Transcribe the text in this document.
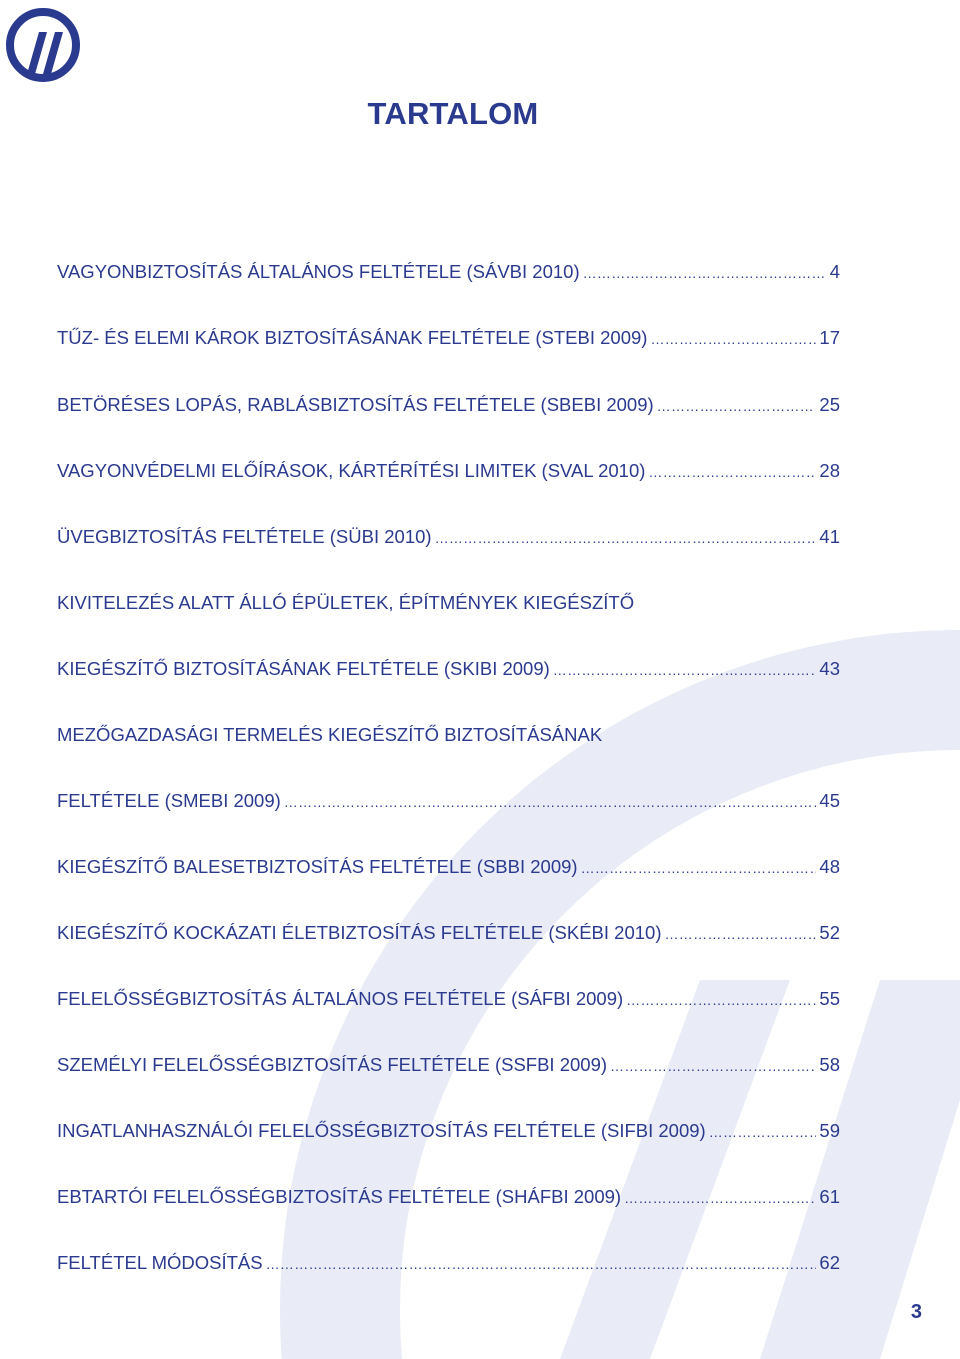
TARTALOM
VAGYONBIZTOSÍTÁS ÁLTALÁNOS FELTÉTELE (SÁVBI 2010) …………………………………………………………………………………………………………………………………………	4
TŰZ- ÉS ELEMI KÁROK BIZTOSÍTÁSÁNAK FELTÉTELE (STEBI 2009) …………………………………………………………………………………………………………………………………………	17
BETÖRÉSES LOPÁS, RABLÁSBIZTOSÍTÁS FELTÉTELE (SBEBI 2009) …………………………………………………………………………………………………………………………………………	25
VAGYONVÉDELMI ELŐÍRÁSOK, KÁRTÉRÍTÉSI LIMITEK (SVAL 2010) …………………………………………………………………………………………………………………………………………	28
ÜVEGBIZTOSÍTÁS FELTÉTELE (SÜBI 2010) …………………………………………………………………………………………………………………………………………	41
KIVITELEZÉS ALATT ÁLLÓ ÉPÜLETEK, ÉPÍTMÉNYEK KIEGÉSZÍTŐ
KIEGÉSZÍTŐ BIZTOSÍTÁSÁNAK FELTÉTELE (SKIBI 2009) …………………………………………………………………………………………………………………………………………	43
MEZŐGAZDASÁGI TERMELÉS KIEGÉSZÍTŐ BIZTOSÍTÁSÁNAK
FELTÉTELE (SMEBI 2009) …………………………………………………………………………………………………………………………………………	45
KIEGÉSZÍTŐ BALESETBIZTOSÍTÁS FELTÉTELE (SBBI 2009) …………………………………………………………………………………………………………………………………………	48
KIEGÉSZÍTŐ KOCKÁZATI ÉLETBIZTOSÍTÁS FELTÉTELE (SKÉBI 2010) …………………………………………………………………………………………………………………………………………	52
FELELŐSSÉGBIZTOSÍTÁS ÁLTALÁNOS FELTÉTELE (SÁFBI 2009) …………………………………………………………………………………………………………………………………………	55
SZEMÉLYI FELELŐSSÉGBIZTOSÍTÁS FELTÉTELE (SSFBI 2009) …………………………………………………………………………………………………………………………………………	58
INGATLANHASZNÁLÓI FELELŐSSÉGBIZTOSÍTÁS FELTÉTELE (SIFBI 2009) …………………………………………………………………………………………………………………………………………	59
EBTARTÓI FELELŐSSÉGBIZTOSÍTÁS FELTÉTELE (SHÁFBI 2009) …………………………………………………………………………………………………………………………………………	61
FELTÉTEL MÓDOSÍTÁS …………………………………………………………………………………………………………………………………………	62
3
